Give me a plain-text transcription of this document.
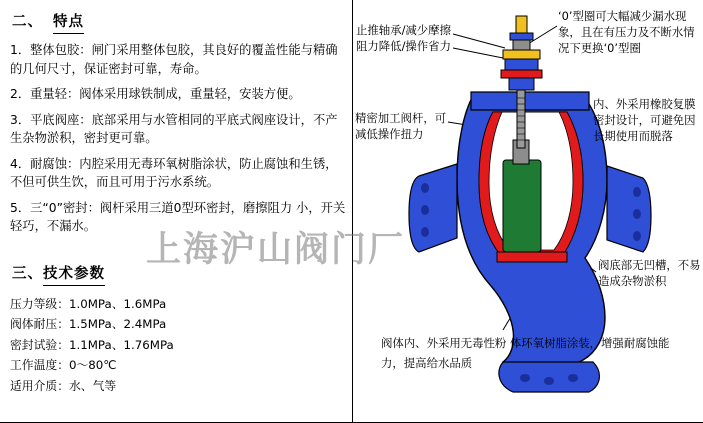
二、 特点

1．整体包胶：闸门采用整体包胶，其良好的覆盖性能与精确的几何尺寸，保证密封可靠，寿命。

2．重量轻：阀体采用球铁制成，重量轻，安装方便。

3．平底阀座：底部采用与水管相同的平底式阀座设计，不产生杂物淤积，密封更可靠。

4．耐腐蚀：内腔采用无毒环氧树脂涂状，防止腐蚀和生锈，不但可供生饮，而且可用于污水系统。

5．三“0”密封：阀杆采用三道0型环密封，磨擦阻力 小，开关轻巧，不漏水。

三、技术参数

压力等级：1.0MPa、1.6MPa

阀体耐压：1.5MPa、2.4MPa

密封试验：1.1MPa、1.76MPa

工作温度：0～80℃

适用介质：水、气等

止推轴承/减少摩擦阻力降低/操作省力
‘0’型圈可大幅减少漏水现象，且在有压力及不断水情况下更换‘0’型圈
精密加工阀杆，可减低操作扭力
内、外采用橡胶复膜密封设计，可避免因长期使用而脱落
阀底部无凹槽，不易造成杂物淤积
阀体内、外采用无毒性粉 体环氧树脂涂装，增强耐腐蚀能力，提高给水品质
上海沪山阀门厂
